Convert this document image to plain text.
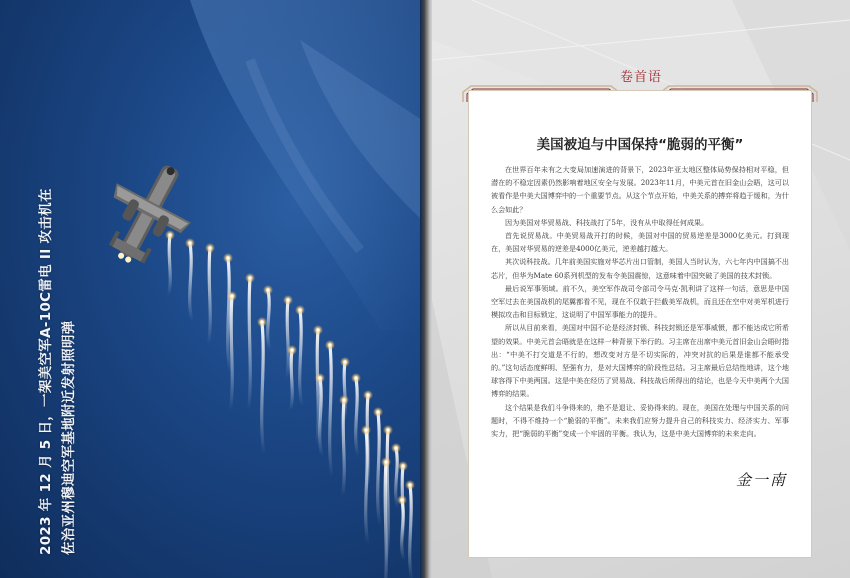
2023 年 12 月 5 日，一架美空军A-10C雷电 II 攻击机在 佐治亚州穆迪空军基地附近发射照明弹
卷首语
美国被迫与中国保持“脆弱的平衡”

在世界百年未有之大变局加速演进的背景下，2023年亚太地区整体局势保持相对平稳，但潜在的不稳定因素仍然影响着地区安全与发展。2023年11月，中美元首在旧金山会晤，这可以被看作是中美大国博弈中的一个重要节点。从这个节点开始，中美关系的搏弈将趋于缓和，为什么会如此？

因为美国对华贸易战、科技战打了5年，没有从中取得任何成果。

首先说贸易战。中美贸易战开打的时候，美国对中国的贸易逆差是3000亿美元。打到现在，美国对华贸易的逆差是4000亿美元，逆差越打越大。

其次说科技战。几年前美国实施对华芯片出口管制，美国人当时认为，六七年内中国搞不出芯片，但华为Mate 60系列机型的发布令美国震惊，这意味着中国突破了美国的技术封锁。

最后说军事领域。前不久，美空军作战司令部司令马克·凯利讲了这样一句话，意思是中国空军过去在美国战机的尾翼都看不见，现在不仅敢于拦截美军战机，而且还在空中对美军机进行模拟攻击和目标锁定，这说明了中国军事能力的提升。

所以从目前来看，美国对中国不论是经济封锁、科技封锁还是军事威慑，都不能达成它所希望的效果。中美元首会晤就是在这样一种背景下举行的。习主席在出席中美元首旧金山会晤时指出：“中美不打交道是不行的，想改变对方是不切实际的，冲突对抗的后果是谁都不能承受的。”这句话态度鲜明、坚强有力，是对大国博弈的阶段性总结。习主席最后总结性地讲，这个地球容得下中美两国。这是中美在经历了贸易战、科技战后所得出的结论，也是今天中美两个大国博弈的结果。

这个结果是我们斗争得来的，绝不是退让、妥协得来的。现在，美国在处理与中国关系的问题时，不得不维持一个“脆弱的平衡”。未来我们应努力提升自己的科技实力、经济实力、军事实力，把“脆弱的平衡”变成一个牢固的平衡。我认为，这是中美大国博弈的未来走向。

金一南
